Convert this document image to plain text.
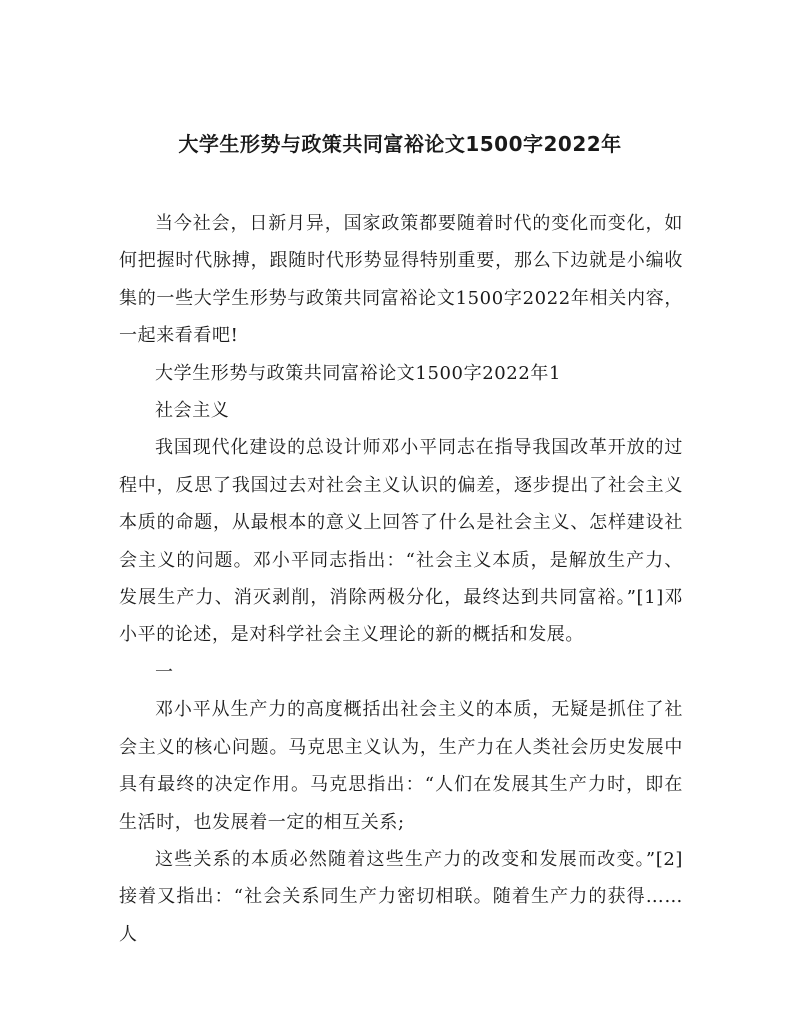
大学生形势与政策共同富裕论文1500字2022年

当今社会，日新月异，国家政策都要随着时代的变化而变化，如何把握时代脉搏，跟随时代形势显得特别重要，那么下边就是小编收集的一些大学生形势与政策共同富裕论文1500字2022年相关内容，一起来看看吧!

大学生形势与政策共同富裕论文1500字2022年1

社会主义

我国现代化建设的总设计师邓小平同志在指导我国改革开放的过程中，反思了我国过去对社会主义认识的偏差，逐步提出了社会主义本质的命题，从最根本的意义上回答了什么是社会主义、怎样建设社会主义的问题。邓小平同志指出：“社会主义本质，是解放生产力、发展生产力、消灭剥削，消除两极分化，最终达到共同富裕。”[1]邓小平的论述，是对科学社会主义理论的新的概括和发展。

一

邓小平从生产力的高度概括出社会主义的本质，无疑是抓住了社会主义的核心问题。马克思主义认为，生产力在人类社会历史发展中具有最终的决定作用。马克思指出：“人们在发展其生产力时，即在生活时，也发展着一定的相互关系;

这些关系的本质必然随着这些生产力的改变和发展而改变。”[2]接着又指出：“社会关系同生产力密切相联。随着生产力的获得……人
